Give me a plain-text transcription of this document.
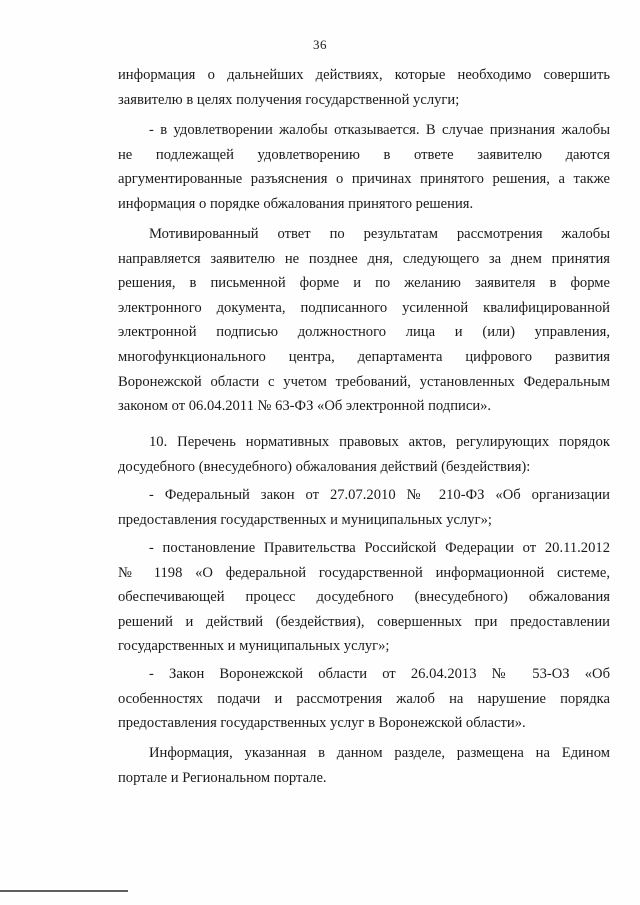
36

информация о дальнейших действиях, которые необходимо совершить
заявителю в целях получения государственной услуги;

- в удовлетворении жалобы отказывается. В случае признания жалобы
не подлежащей удовлетворению в ответе заявителю даются
аргументированные разъяснения о причинах принятого решения, а также
информация о порядке обжалования принятого решения.

Мотивированный ответ по результатам рассмотрения жалобы
направляется заявителю не позднее дня, следующего за днем принятия
решения, в письменной форме и по желанию заявителя в форме
электронного документа, подписанного усиленной квалифицированной
электронной подписью должностного лица и (или) управления,
многофункционального центра, департамента цифрового развития
Воронежской области с учетом требований, установленных Федеральным
законом от 06.04.2011 № 63-ФЗ «Об электронной подписи».

10. Перечень нормативных правовых актов, регулирующих порядок
досудебного (внесудебного) обжалования действий (бездействия):

- Федеральный закон от 27.07.2010 № 210-ФЗ «Об организации
предоставления государственных и муниципальных услуг»;

- постановление Правительства Российской Федерации от 20.11.2012
№ 1198 «О федеральной государственной информационной системе,
обеспечивающей процесс досудебного (внесудебного) обжалования
решений и действий (бездействия), совершенных при предоставлении
государственных и муниципальных услуг»;

- Закон Воронежской области от 26.04.2013 № 53-ОЗ «Об
особенностях подачи и рассмотрения жалоб на нарушение порядка
предоставления государственных услуг в Воронежской области».

Информация, указанная в данном разделе, размещена на Едином
портале и Региональном портале.
